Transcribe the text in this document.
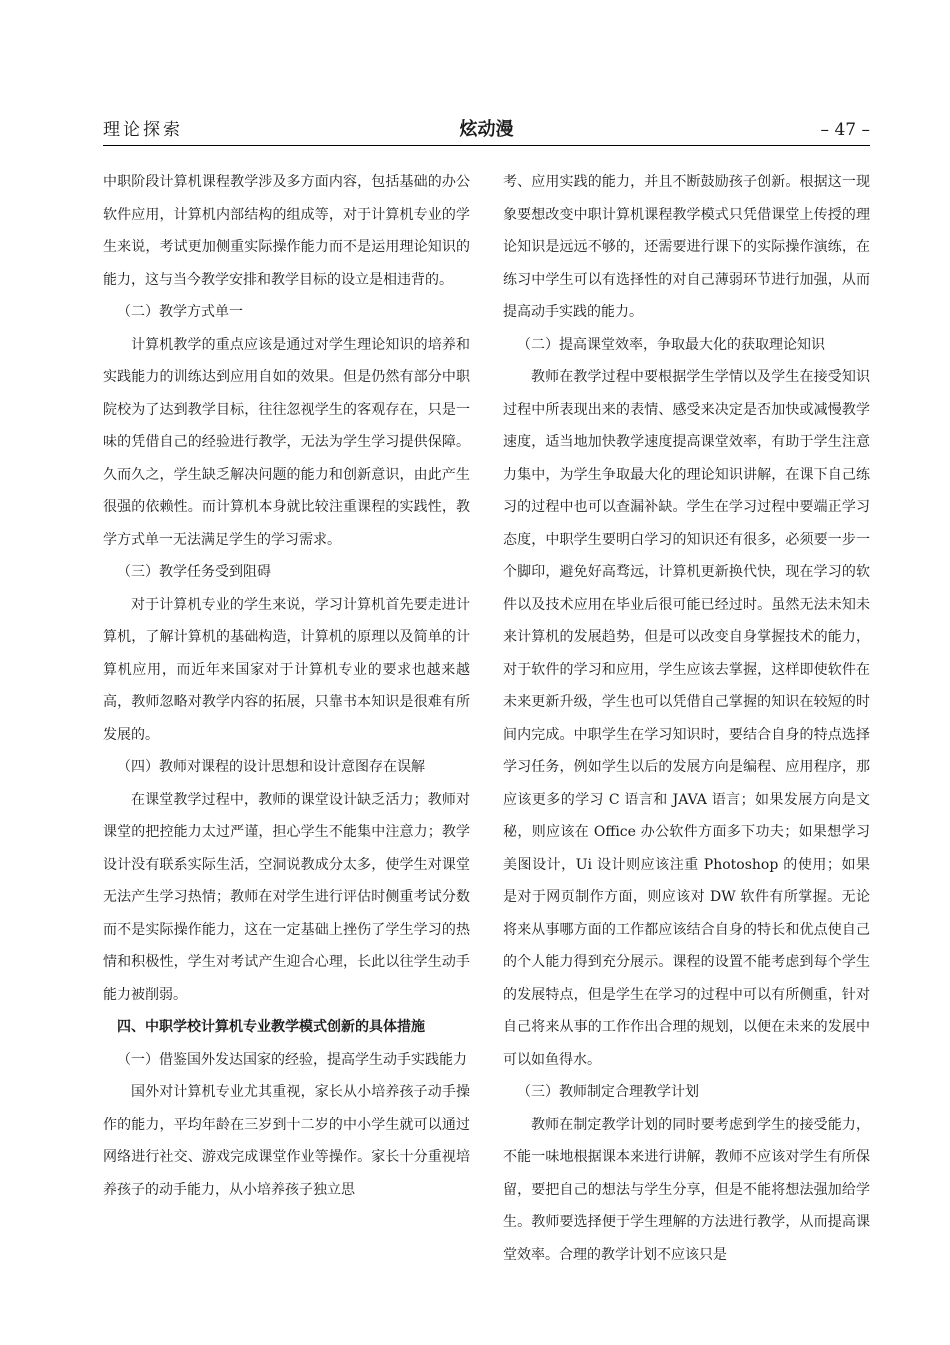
炫动漫
理论探索	– 47 –

中职阶段计算机课程教学涉及多方面内容，包括基础的办公软件应用，计算机内部结构的组成等，对于计算机专业的学生来说，考试更加侧重实际操作能力而不是运用理论知识的能力，这与当今教学安排和教学目标的设立是相违背的。

（二）教学方式单一

计算机教学的重点应该是通过对学生理论知识的培养和实践能力的训练达到应用自如的效果。但是仍然有部分中职院校为了达到教学目标，往往忽视学生的客观存在，只是一味的凭借自己的经验进行教学，无法为学生学习提供保障。久而久之，学生缺乏解决问题的能力和创新意识，由此产生很强的依赖性。而计算机本身就比较注重课程的实践性，教学方式单一无法满足学生的学习需求。

（三）教学任务受到阻碍

对于计算机专业的学生来说，学习计算机首先要走进计算机，了解计算机的基础构造，计算机的原理以及简单的计算机应用，而近年来国家对于计算机专业的要求也越来越高，教师忽略对教学内容的拓展，只靠书本知识是很难有所发展的。

（四）教师对课程的设计思想和设计意图存在误解

在课堂教学过程中，教师的课堂设计缺乏活力；教师对课堂的把控能力太过严谨，担心学生不能集中注意力；教学设计没有联系实际生活，空洞说教成分太多，使学生对课堂无法产生学习热情；教师在对学生进行评估时侧重考试分数而不是实际操作能力，这在一定基础上挫伤了学生学习的热情和积极性，学生对考试产生迎合心理，长此以往学生动手能力被削弱。

四、中职学校计算机专业教学模式创新的具体措施

（一）借鉴国外发达国家的经验，提高学生动手实践能力

国外对计算机专业尤其重视，家长从小培养孩子动手操作的能力，平均年龄在三岁到十二岁的中小学生就可以通过网络进行社交、游戏完成课堂作业等操作。家长十分重视培养孩子的动手能力，从小培养孩子独立思

考、应用实践的能力，并且不断鼓励孩子创新。根据这一现象要想改变中职计算机课程教学模式只凭借课堂上传授的理论知识是远远不够的，还需要进行课下的实际操作演练，在练习中学生可以有选择性的对自己薄弱环节进行加强，从而提高动手实践的能力。

（二）提高课堂效率，争取最大化的获取理论知识

教师在教学过程中要根据学生学情以及学生在接受知识过程中所表现出来的表情、感受来决定是否加快或减慢教学速度，适当地加快教学速度提高课堂效率，有助于学生注意力集中，为学生争取最大化的理论知识讲解，在课下自己练习的过程中也可以查漏补缺。学生在学习过程中要端正学习态度，中职学生要明白学习的知识还有很多，必须要一步一个脚印，避免好高骛远，计算机更新换代快，现在学习的软件以及技术应用在毕业后很可能已经过时。虽然无法未知未来计算机的发展趋势，但是可以改变自身掌握技术的能力，对于软件的学习和应用，学生应该去掌握，这样即使软件在未来更新升级，学生也可以凭借自己掌握的知识在较短的时间内完成。中职学生在学习知识时，要结合自身的特点选择学习任务，例如学生以后的发展方向是编程、应用程序，那应该更多的学习 C 语言和 JAVA 语言；如果发展方向是文秘，则应该在 Office 办公软件方面多下功夫；如果想学习美图设计，Ui 设计则应该注重 Photoshop 的使用；如果是对于网页制作方面，则应该对 DW 软件有所掌握。无论将来从事哪方面的工作都应该结合自身的特长和优点使自己的个人能力得到充分展示。课程的设置不能考虑到每个学生的发展特点，但是学生在学习的过程中可以有所侧重，针对自己将来从事的工作作出合理的规划，以便在未来的发展中可以如鱼得水。

（三）教师制定合理教学计划

教师在制定教学计划的同时要考虑到学生的接受能力，不能一味地根据课本来进行讲解，教师不应该对学生有所保留，要把自己的想法与学生分享，但是不能将想法强加给学生。教师要选择便于学生理解的方法进行教学，从而提高课堂效率。合理的教学计划不应该只是
